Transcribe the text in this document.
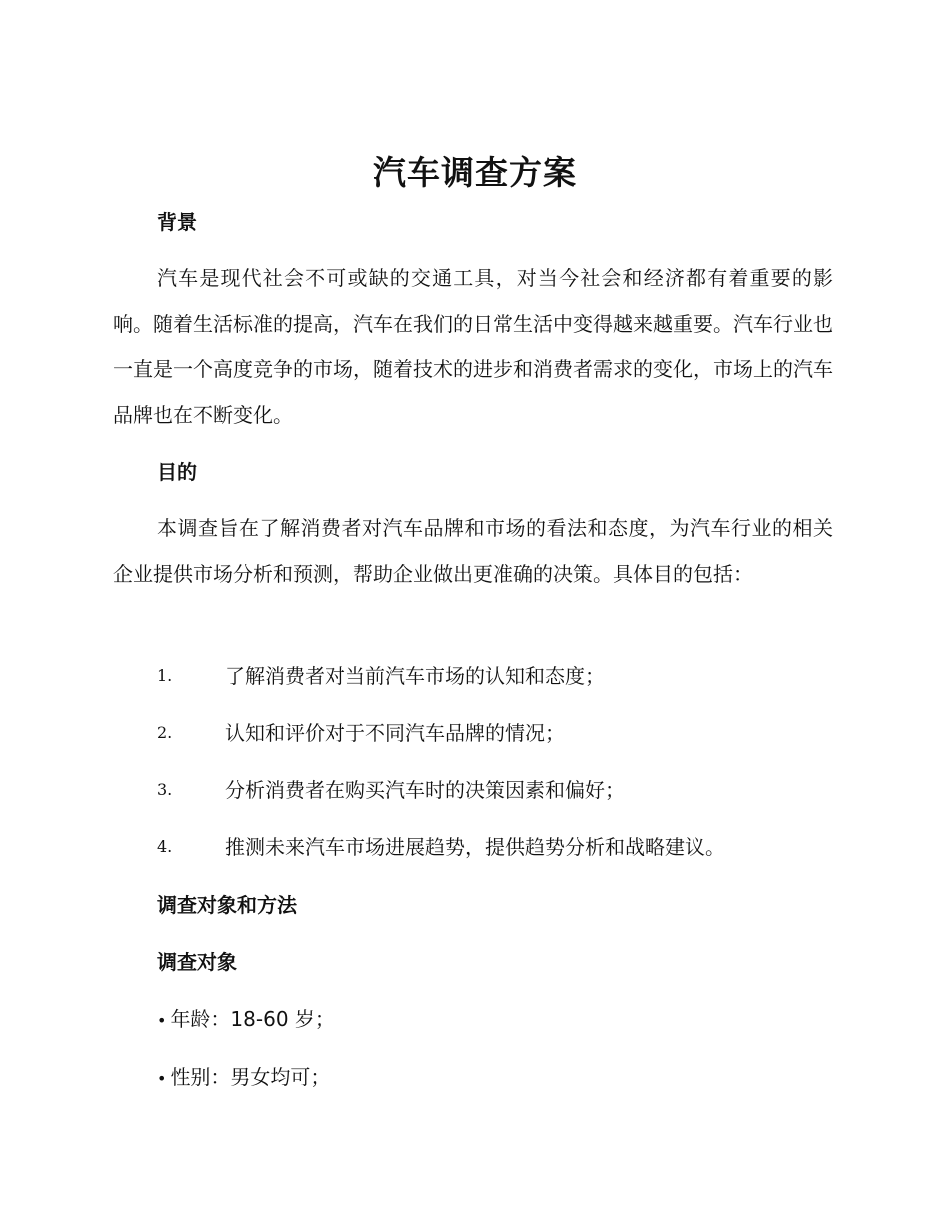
汽车调查方案
背景
汽车是现代社会不可或缺的交通工具，对当今社会和经济都有着重要的影响。随着生活标准的提高，汽车在我们的日常生活中变得越来越重要。汽车行业也一直是一个高度竞争的市场，随着技术的进步和消费者需求的变化，市场上的汽车品牌也在不断变化。
目的
本调查旨在了解消费者对汽车品牌和市场的看法和态度，为汽车行业的相关企业提供市场分析和预测，帮助企业做出更准确的决策。具体目的包括：
1.	了解消费者对当前汽车市场的认知和态度；
2.	认知和评价对于不同汽车品牌的情况；
3.	分析消费者在购买汽车时的决策因素和偏好；
4.	推测未来汽车市场进展趋势，提供趋势分析和战略建议。
调查对象和方法
调查对象
• 年龄：18-60 岁；
• 性别：男女均可；
